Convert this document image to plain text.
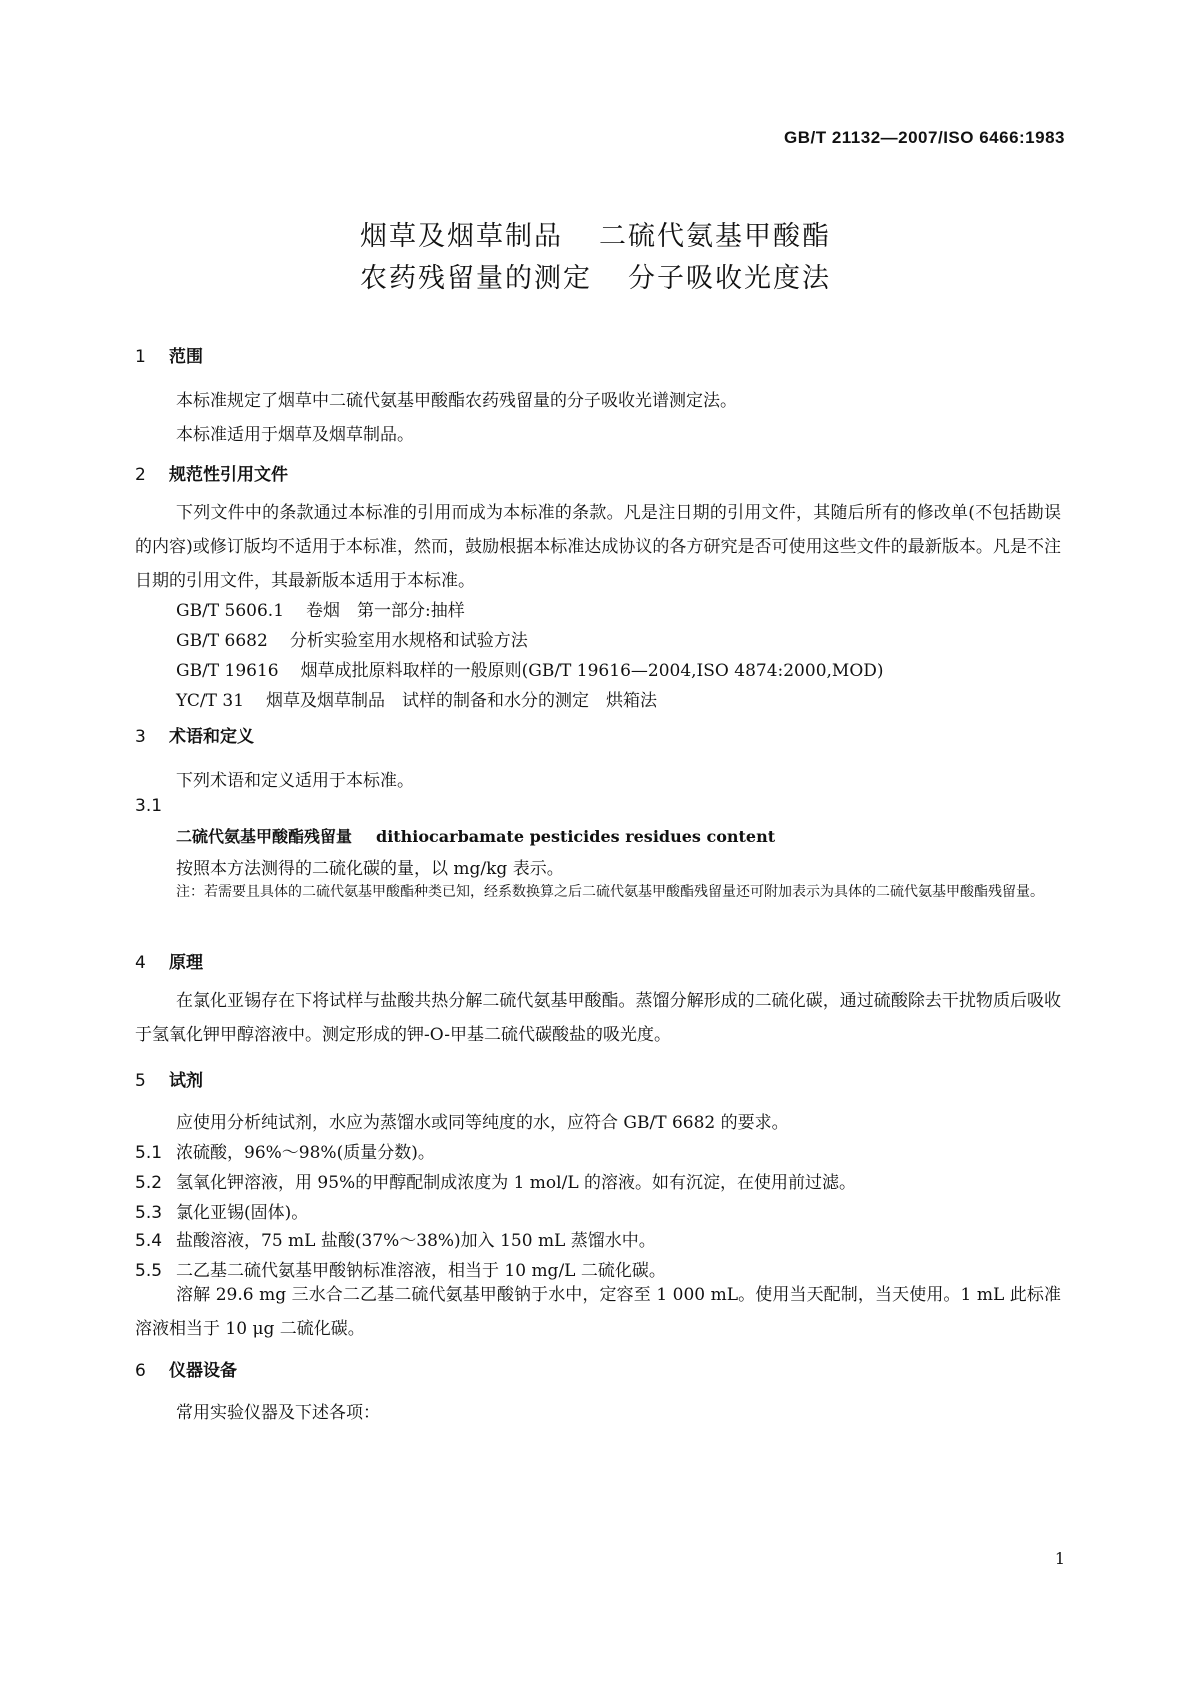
GB/T 21132—2007/ISO 6466:1983
烟草及烟草制品 二硫代氨基甲酸酯
农药残留量的测定 分子吸收光度法
1 范围
本标准规定了烟草中二硫代氨基甲酸酯农药残留量的分子吸收光谱测定法。
本标准适用于烟草及烟草制品。
2 规范性引用文件
下列文件中的条款通过本标准的引用而成为本标准的条款。凡是注日期的引用文件，其随后所有的修改单(不包括勘误的内容)或修订版均不适用于本标准，然而，鼓励根据本标准达成协议的各方研究是否可使用这些文件的最新版本。凡是不注日期的引用文件，其最新版本适用于本标准。
GB/T 5606.1 卷烟　第一部分:抽样
GB/T 6682 分析实验室用水规格和试验方法
GB/T 19616 烟草成批原料取样的一般原则(GB/T 19616—2004,ISO 4874:2000,MOD)
YC/T 31 烟草及烟草制品　试样的制备和水分的测定　烘箱法
3 术语和定义
下列术语和定义适用于本标准。
3.1
二硫代氨基甲酸酯残留量 dithiocarbamate pesticides residues content
按照本方法测得的二硫化碳的量，以 mg/kg 表示。
注：若需要且具体的二硫代氨基甲酸酯种类已知，经系数换算之后二硫代氨基甲酸酯残留量还可附加表示为具体的二硫代氨基甲酸酯残留量。
4 原理
在氯化亚锡存在下将试样与盐酸共热分解二硫代氨基甲酸酯。蒸馏分解形成的二硫化碳，通过硫酸除去干扰物质后吸收于氢氧化钾甲醇溶液中。测定形成的钾-O-甲基二硫代碳酸盐的吸光度。
5 试剂
应使用分析纯试剂，水应为蒸馏水或同等纯度的水，应符合 GB/T 6682 的要求。
5.1 浓硫酸，96%～98%(质量分数)。
5.2 氢氧化钾溶液，用 95%的甲醇配制成浓度为 1 mol/L 的溶液。如有沉淀，在使用前过滤。
5.3 氯化亚锡(固体)。
5.4 盐酸溶液，75 mL 盐酸(37%～38%)加入 150 mL 蒸馏水中。
5.5 二乙基二硫代氨基甲酸钠标准溶液，相当于 10 mg/L 二硫化碳。
溶解 29.6 mg 三水合二乙基二硫代氨基甲酸钠于水中，定容至 1 000 mL。使用当天配制，当天使用。1 mL 此标准溶液相当于 10 μg 二硫化碳。
6 仪器设备
常用实验仪器及下述各项：
1
